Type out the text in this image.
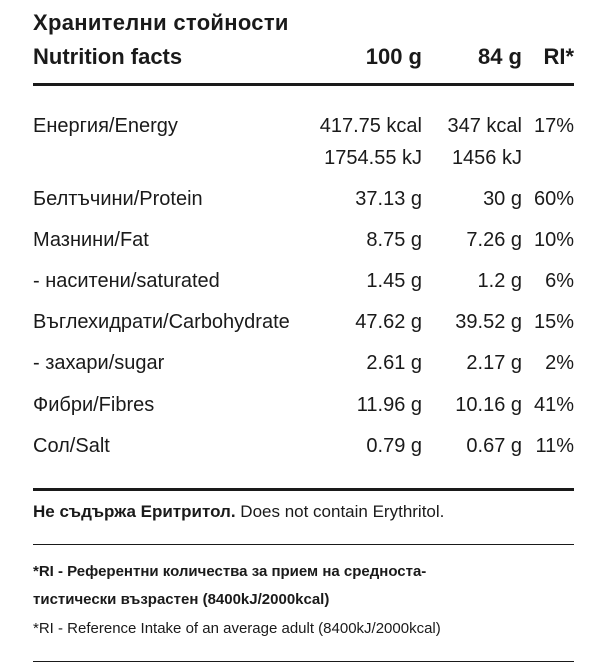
Хранителни стойности
Nutrition facts	100 g	84 g RI*
Енергия/Energy	417.75 kcal 347 kcal 17%
1754.55 kJ 1456 kJ
Белтъчини/Protein	37.13 g	30 g 60%
Мазнини/Fat	8.75 g 7.26 g 10%
- наситени/saturated	1.45 g	1.2 g 6%
Въглехидрати/Carbohydrate	47.62 g 39.52 g 15%
- захари/sugar	2.61 g 2.17 g 2%
Фибри/Fibres	11.96 g 10.16 g 41%
Сол/Salt	0.79 g 0.67 g 11%
Не съдържа Еритритол. Does not contain Erythritol.
*RI - Референтни количества за прием на средноста-
тистически възрастен (8400kJ/2000kcal)
*RI - Reference Intake of an average adult (8400kJ/2000kcal)
